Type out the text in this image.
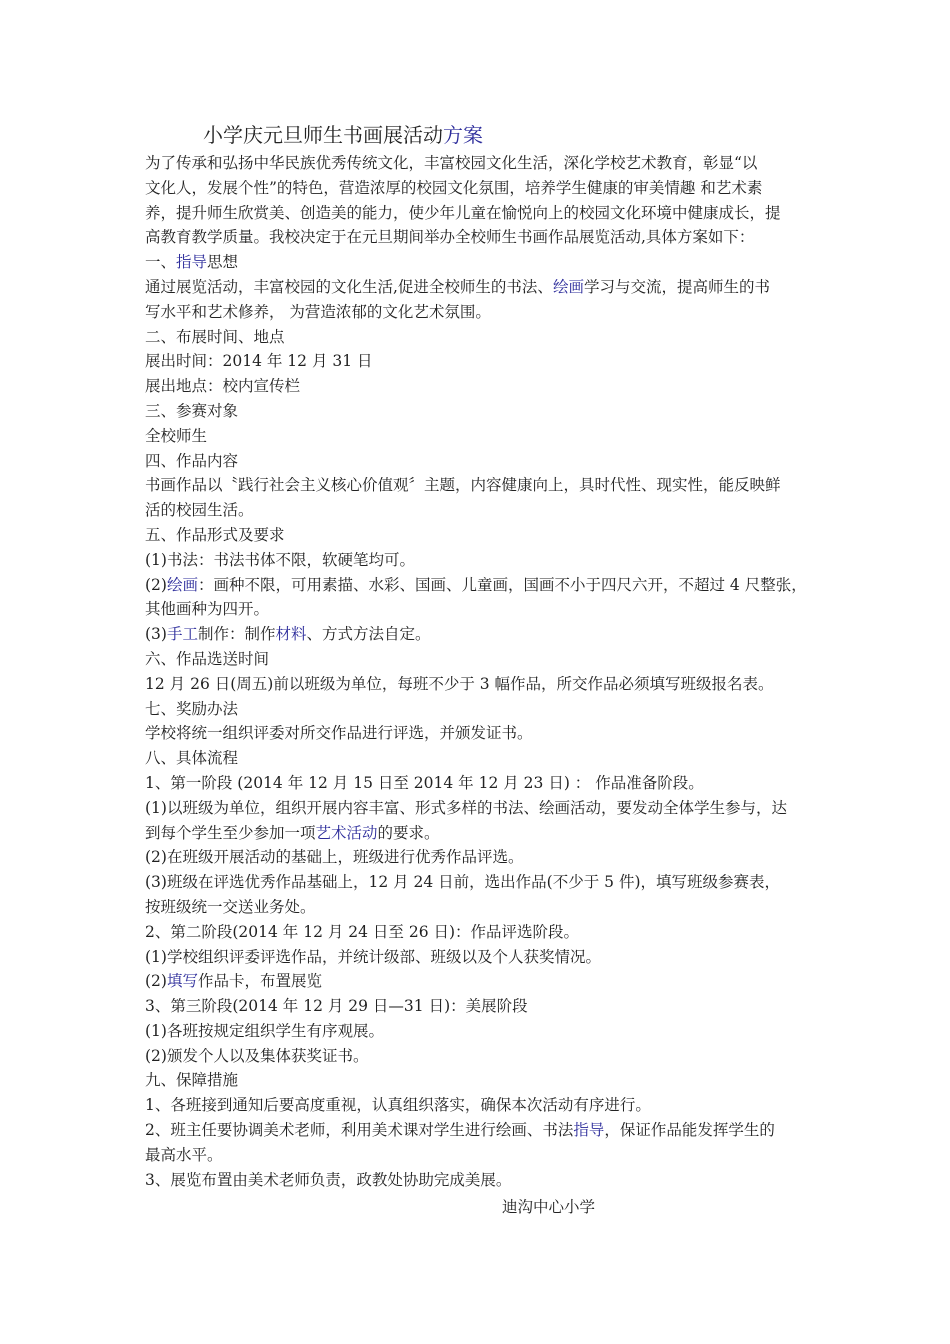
小学庆元旦师生书画展活动方案

为了传承和弘扬中华民族优秀传统文化，丰富校园文化生活，深化学校艺术教育，彰显“以

文化人，发展个性”的特色，营造浓厚的校园文化氛围，培养学生健康的审美情趣 和艺术素

养，提升师生欣赏美、创造美的能力，使少年儿童在愉悦向上的校园文化环境中健康成长，提

高教育教学质量。我校决定于在元旦期间举办全校师生书画作品展览活动,具体方案如下：

一、指导思想

通过展览活动，丰富校园的文化生活,促进全校师生的书法、绘画学习与交流，提高师生的书

写水平和艺术修养， 为营造浓郁的文化艺术氛围。

二、布展时间、地点

展出时间：2014 年 12 月 31 日

展出地点：校内宣传栏

三、参赛对象

全校师生

四、作品内容

书画作品以〝践行社会主义核心价值观〞主题，内容健康向上，具时代性、现实性，能反映鲜

活的校园生活。

五、作品形式及要求

(1)书法：书法书体不限，软硬笔均可。

(2)绘画：画种不限，可用素描、水彩、国画、儿童画，国画不小于四尺六开，不超过 4 尺整张，

其他画种为四开。

(3)手工制作：制作材料、方式方法自定。

六、作品选送时间

12 月 26 日(周五)前以班级为单位，每班不少于 3 幅作品，所交作品必须填写班级报名表。

七、奖励办法

学校将统一组织评委对所交作品进行评选，并颁发证书。

八、具体流程

1、第一阶段 (2014 年 12 月 15 日至 2014 年 12 月 23 日) ： 作品准备阶段。

(1)以班级为单位，组织开展内容丰富、形式多样的书法、绘画活动，要发动全体学生参与，达

到每个学生至少参加一项艺术活动的要求。

(2)在班级开展活动的基础上，班级进行优秀作品评选。

(3)班级在评选优秀作品基础上，12 月 24 日前，选出作品(不少于 5 件)，填写班级参赛表，

按班级统一交送业务处。

2、第二阶段(2014 年 12 月 24 日至 26 日)：作品评选阶段。

(1)学校组织评委评选作品，并统计级部、班级以及个人获奖情况。

(2)填写作品卡，布置展览

3、第三阶段(2014 年 12 月 29 日—31 日)：美展阶段

(1)各班按规定组织学生有序观展。

(2)颁发个人以及集体获奖证书。

九、保障措施

1、各班接到通知后要高度重视，认真组织落实，确保本次活动有序进行。

2、班主任要协调美术老师，利用美术课对学生进行绘画、书法指导，保证作品能发挥学生的

最高水平。

3、展览布置由美术老师负责，政教处协助完成美展。

迪沟中心小学
